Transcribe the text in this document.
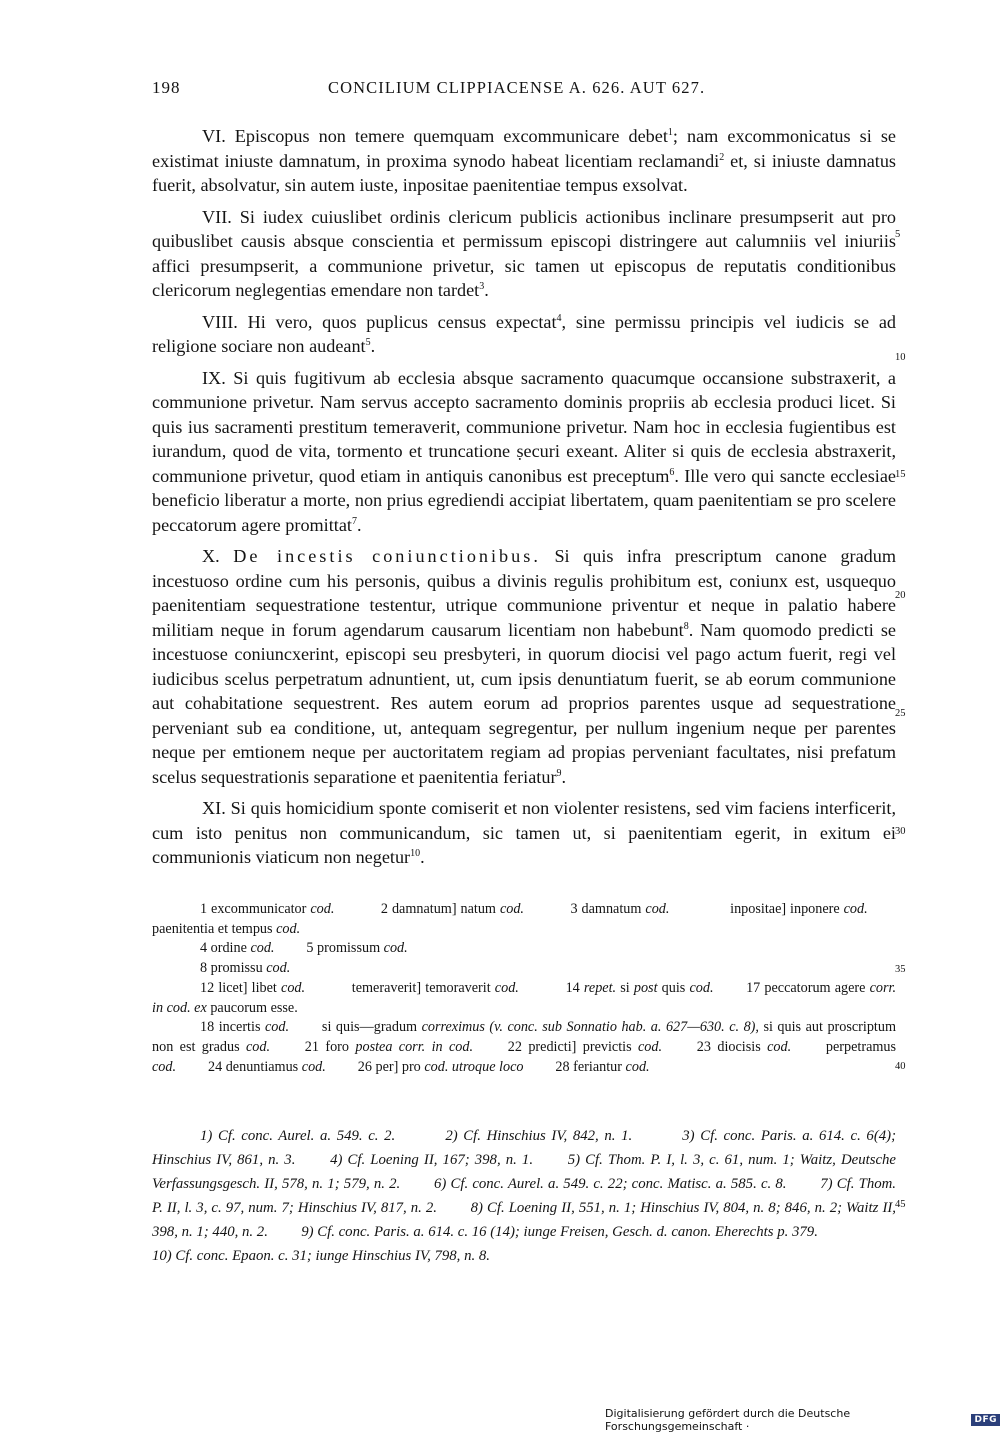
198	CONCILIUM CLIPPIACENSE A. 626. AUT 627.

VI. Episcopus non temere quemquam excommunicare debet$^1$; nam excommonicatus si se existimat iniuste damnatum, in proxima synodo habeat licentiam reclamandi$^2$ et, si iniuste damnatus fuerit, absolvatur, sin autem iuste, inpositae paenitentiae tempus exsolvat.

VII. Si iudex cuiuslibet ordinis clericum publicis actionibus inclinare presumpserit aut pro quibuslibet causis absque conscientia et permissum episcopi distringere aut calumniis vel iniuriis affici presumpserit, a communione privetur, sic tamen ut episcopus de reputatis conditionibus clericorum neglegentias emendare non tardet$^3$.

VIII. Hi vero, quos puplicus census expectat$^4$, sine permissu principis vel iudicis se ad religione sociare non audeant$^5$.

IX. Si quis fugitivum ab ecclesia absque sacramento quacumque occansione substraxerit, a communione privetur. Nam servus accepto sacramento dominis propriis ab ecclesia produci licet. Si quis ius sacramenti prestitum temeraverit, communione privetur. Nam hoc in ecclesia fugientibus est iurandum, quod de vita, tormento et truncatione ṣecuri exeant. Aliter si quis de ecclesia abstraxerit, communione privetur, quod etiam in antiquis canonibus est preceptum$^6$. Ille vero qui sancte ecclesiae beneficio liberatur a morte, non prius egrediendi accipiat libertatem, quam paenitentiam se pro scelere peccatorum agere promittat$^7$.

X. De incestis coniunctionibus. Si quis infra prescriptum canone gradum incestuoso ordine cum his personis, quibus a divinis regulis prohibitum est, coniunx est, usquequo paenitentiam sequestratione testentur, utrique communione priventur et neque in palatio habere militiam neque in forum agendarum causarum licentiam non habebunt$^8$. Nam quomodo predicti se incestuose coniuncxerint, episcopi seu presbyteri, in quorum diocisi vel pago actum fuerit, regi vel iudicibus scelus perpetratum adnuntient, ut, cum ipsis denuntiatum fuerit, se ab eorum communione aut cohabitatione sequestrent. Res autem eorum ad proprios parentes usque ad sequestratione perveniant sub ea conditione, ut, antequam segregentur, per nullum ingenium neque per parentes neque per emtionem neque per auctoritatem regiam ad propias perveniant facultates, nisi prefatum scelus sequestrationis separatione et paenitentia feriatur$^9$.

XI. Si quis homicidium sponte comiserit et non violenter resistens, sed vim faciens interficerit, cum isto penitus non communicandum, sic tamen ut, si paenitentiam egerit, in exitum ei communionis viaticum non negetur$^{10}$.

5
10
15
20
25
30
35
40
45

1 excommunicator cod.   	2 damnatum] natum cod.   	3 damnatum cod.    	inpositae] inponere cod.   paenitentia et tempus cod.

4 ordine cod.   5 promissum cod.

8 promissu cod.

12 licet] libet cod.   	temeraverit] temoraverit cod.   	14 repet. si post quis cod.   17 peccatorum agere corr. in cod. ex paucorum esse.

18 incertis cod.   si quis—gradum correximus (v. conc. sub Sonnatio hab. a. 627—630. c. 8), si quis aut proscriptum non est gradus cod.   21 foro postea corr. in cod.   22 predicti] previctis cod.   23 diocisis cod.   perpetramus cod.   24 denuntiamus cod.   26 per] pro cod. utroque loco   28 feriantur cod.

1) Cf. conc. Aurel. a. 549. c. 2.   	2) Cf. Hinschius IV, 842, n. 1.   	3) Cf. conc. Paris. a. 614. c. 6(4); Hinschius IV, 861, n. 3.   4) Cf. Loening II, 167; 398, n. 1.   5) Cf. Thom. P. I, l. 3, c. 61, num. 1; Waitz, Deutsche Verfassungsgesch. II, 578, n. 1; 579, n. 2.   6) Cf. conc. Aurel. a. 549. c. 22; conc. Matisc. a. 585. c. 8.   7) Cf. Thom. P. II, l. 3, c. 97, num. 7; Hinschius IV, 817, n. 2.   8) Cf. Loening II, 551, n. 1; Hinschius IV, 804, n. 8; 846, n. 2; Waitz II, 398, n. 1; 440, n. 2.   9) Cf. conc. Paris. a. 614. c. 16 (14); iunge Freisen, Gesch. d. canon. Eherechts p. 379.

10) Cf. conc. Epaon. c. 31; iunge Hinschius IV, 798, n. 8.

Digitalisierung gefördert durch die Deutsche Forschungsgemeinschaft ·	DFG
